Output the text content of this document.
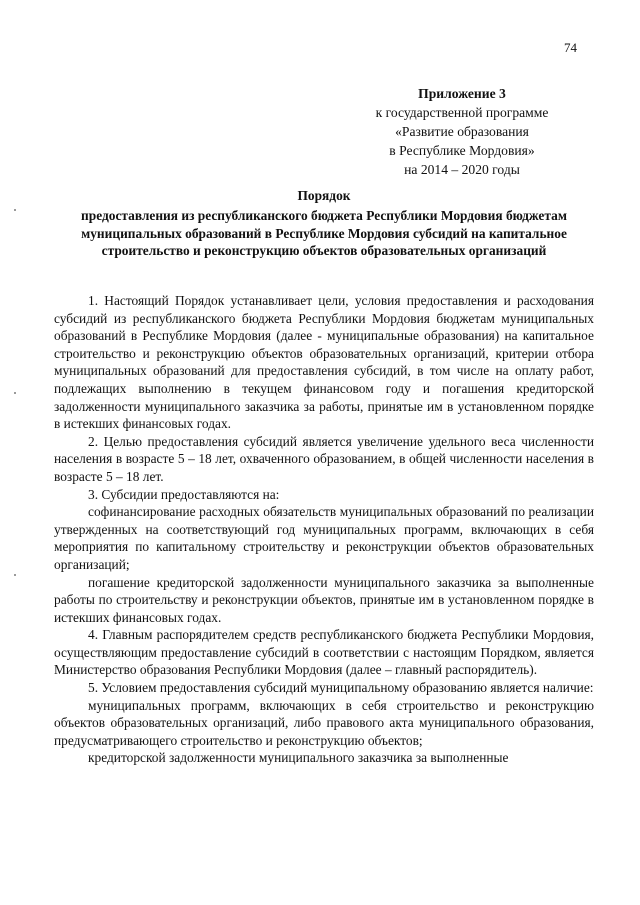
74
Приложение 3
к государственной программе
«Развитие образования
в Республике Мордовия»
на 2014 – 2020 годы
Порядок
предоставления из республиканского бюджета Республики Мордовия бюджетам муниципальных образований в Республике Мордовия субсидий на капитальное строительство и реконструкцию объектов образовательных организаций

1. Настоящий Порядок устанавливает цели, условия предоставления и расходования субсидий из республиканского бюджета Республики Мордовия бюджетам муниципальных образований в Республике Мордовия (далее - муниципальные образования) на капитальное строительство и реконструкцию объектов образовательных организаций, критерии отбора муниципальных образований для предоставления субсидий, в том числе на оплату работ, подлежащих выполнению в текущем финансовом году и погашения кредиторской задолженности муниципального заказчика за работы, принятые им в установленном порядке в истекших финансовых годах.

2. Целью предоставления субсидий является увеличение удельного веса численности населения в возрасте 5 – 18 лет, охваченного образованием, в общей численности населения в возрасте 5 – 18 лет.

3. Субсидии предоставляются на:

софинансирование расходных обязательств муниципальных образований по реализации утвержденных на соответствующий год муниципальных программ, включающих в себя мероприятия по капитальному строительству и реконструкции объектов образовательных организаций;

погашение кредиторской задолженности муниципального заказчика за выполненные работы по строительству и реконструкции объектов, принятые им в установленном порядке в истекших финансовых годах.

4. Главным распорядителем средств республиканского бюджета Республики Мордовия, осуществляющим предоставление субсидий в соответствии с настоящим Порядком, является Министерство образования Республики Мордовия (далее – главный распорядитель).

5. Условием предоставления субсидий муниципальному образованию является наличие:

муниципальных программ, включающих в себя строительство и реконструкцию объектов образовательных организаций, либо правового акта муниципального образования, предусматривающего строительство и реконструкцию объектов;

кредиторской задолженности муниципального заказчика за выполненные
